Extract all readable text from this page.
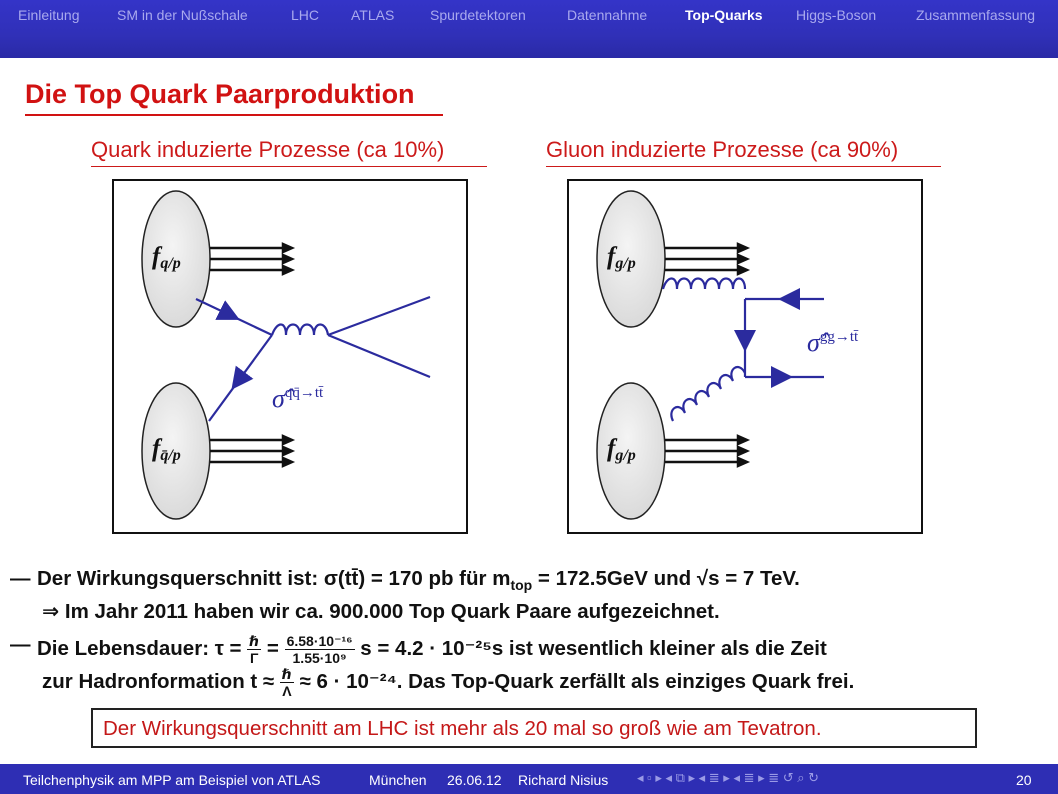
Einleitung	SM in der Nußschale	LHC ATLAS	Spurdetektoren	Datennahme	Top-Quarks Higgs-Boson	Zusammenfassung
Die Top Quark Paarproduktion
Quark induzierte Prozesse (ca 10%)	Gluon induzierte Prozesse (ca 90%)
fq/p
fq̄/p
σ̂$^{qq̄\to tt̄}$
fg/p
fg/p
σ̂$^{gg\to tt̄}$
— Der Wirkungsquerschnitt ist: σ(tt̄) = 170 pb für $m_{top} = 172.5GeV$ und √s = 7 TeV.
⇒ Im Jahr 2011 haben wir ca. 900.000 Top Quark Paare aufgezeichnet.
— Die Lebensdauer: $\tau = \frac{\text{ℏ}}{\Gamma} = \frac{\text{6.58·10⁻¹⁶}}{\text{1.55·10⁹}}$ s = 4.2 · 10⁻²⁵s ist wesentlich kleiner als die Zeit
zur Hadronformation $t \approx \frac{\text{ℏ}}{\Lambda} \approx 6 \cdot 10^{-24}$. Das Top-Quark zerfällt als einziges Quark frei.
Der Wirkungsquerschnitt am LHC ist mehr als 20 mal so groß wie am Tevatron.
Teilchenphysik am MPP am Beispiel von ATLAS	München 26.06.12 Richard Nisius ◂ ▫ ▸ ◂ ⧉ ▸ ◂ ≣ ▸ ◂ ≣ ▸ ≣ ↺ ⌕ ↻	20
